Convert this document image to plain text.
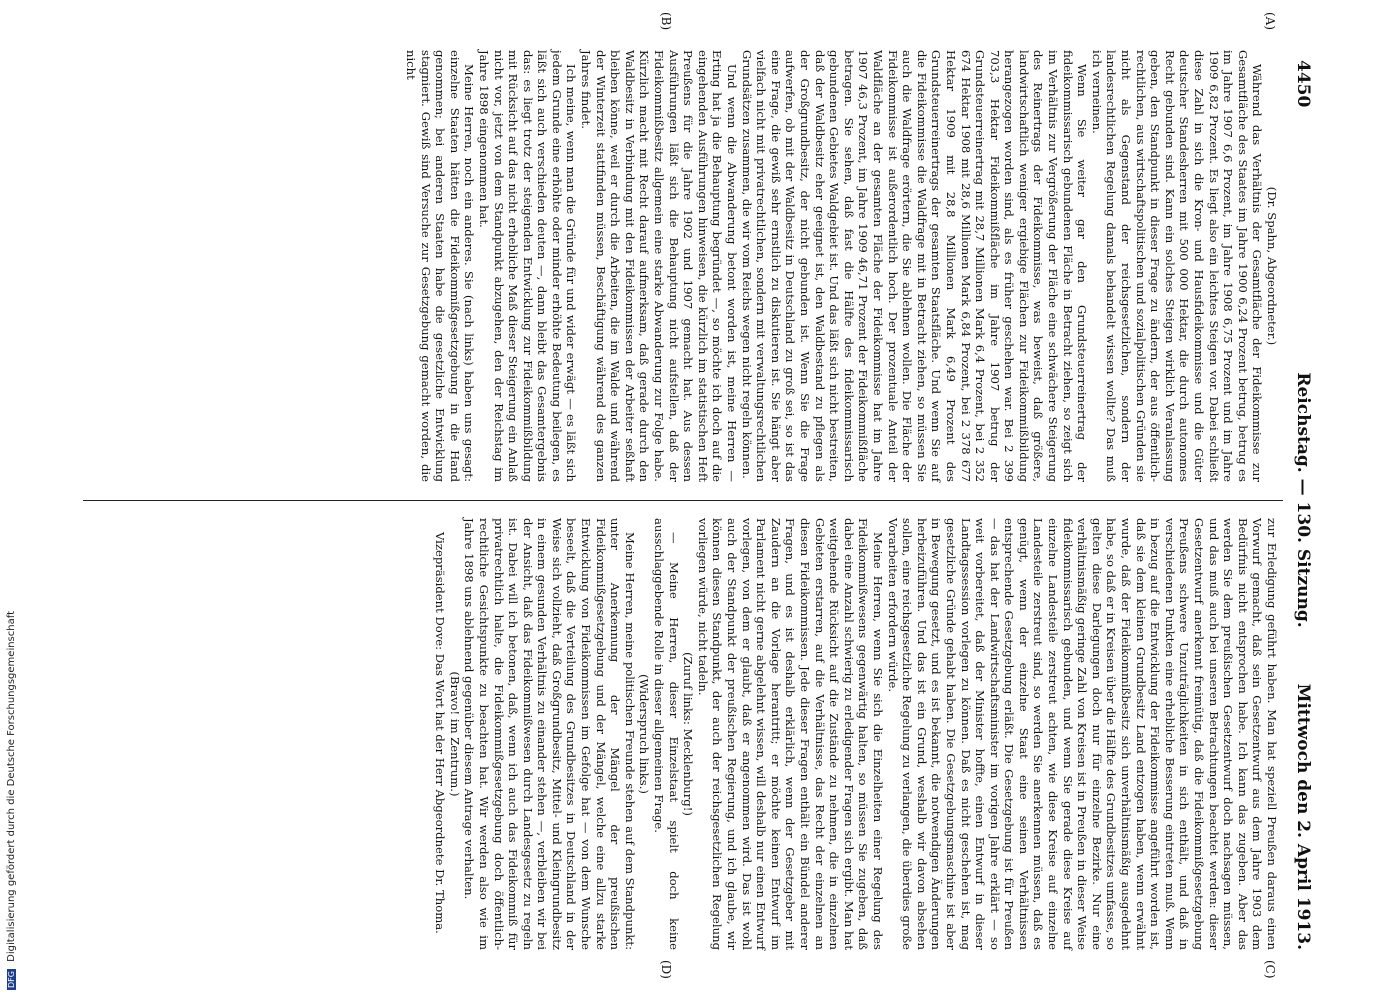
4450
Reichstag. — 130. Sitzung.
Mittwoch den 2. April 1913.
(A)
(B)
(C)
(D)

(Dr. Spahn, Abgeordneter.)

Während das Verhältnis der Gesamtfläche der Fideikommisse zur Gesamtfläche des Staates im Jahre 1900 6,24 Prozent betrug, betrug es im Jahre 1907 6,6 Prozent, im Jahre 1908 6,75 Prozent und im Jahre 1909 6,82 Prozent. Es liegt also ein leichtes Steigen vor. Dabei schließt diese Zahl in sich die Kron- und Hausfideikommisse und die Güter deutscher Standesherren mit 500 000 Hektar, die durch autonomes Recht gebunden sind. Kann ein solches Steigen wirklich Veranlassung geben, den Standpunkt in dieser Frage zu ändern, der aus öffentlich-rechtlichen, aus wirtschaftspolitischen und sozialpolitischen Gründen sie nicht als Gegenstand der reichsgesetzlichen, sondern der landesrechtlichen Regelung damals behandelt wissen wollte? Das muß ich verneinen.

Wenn Sie weiter gar den Grundsteuerreinertrag der fideikommissarisch gebundenen Fläche in Betracht ziehen, so zeigt sich im Verhältnis zur Vergrößerung der Fläche eine schwächere Steigerung des Reinertrags der Fideikommisse, was beweist, daß größere, landwirtschaftlich weniger ergiebige Flächen zur Fideikommißbildung herangezogen worden sind, als es früher geschehen war. Bei 2 399 703,3 Hektar Fideikommißfläche im Jahre 1907 betrug der Grundsteuerreinertrag mit 28,7 Millionen Mark 6,4 Prozent, bei 2 352 674 Hektar 1908 mit 28,6 Millionen Mark 6,84 Prozent, bei 2 378 677 Hektar 1909 mit 28,8 Millionen Mark 6,49 Prozent des Grundsteuerreinertrags der gesamten Staatsfläche. Und wenn Sie auf die Fideikommisse die Waldfrage mit in Betracht ziehen, so müssen Sie auch die Waldfrage erörtern, die Sie ablehnen wollen. Die Fläche der Fideikommisse ist außerordentlich hoch. Der prozentuale Anteil der Waldfläche an der gesamten Fläche der Fideikommisse hat im Jahre 1907 46,3 Prozent, im Jahre 1909 46,71 Prozent der Fideikommißfläche betragen. Sie sehen, daß fast die Hälfte des fideikommissarisch gebundenen Gebietes Waldgebiet ist. Und das läßt sich nicht bestreiten, daß der Waldbesitz eher geeignet ist, den Waldbestand zu pflegen als der Großgrundbesitz, der nicht gebunden ist. Wenn Sie die Frage aufwerfen, ob mit der Waldbesitz in Deutschland zu groß sei, so ist das eine Frage, die gewiß sehr ernstlich zu diskutieren ist. Sie hängt aber vielfach nicht mit privatrechtlichen, sondern mit verwaltungsrechtlichen Grundsätzen zusammen, die wir vom Reichs wegen nicht regeln können.

Und wenn die Abwanderung betont worden ist, meine Herren — Erting hat ja die Behauptung begründet —, so möchte ich doch auf die eingehenden Ausführungen hinweisen, die kürzlich im statistischen Heft Preußens für die Jahre 1902 und 1907 gemacht hat. Aus dessen Ausführungen läßt sich die Behauptung nicht aufstellen, daß der Fideikommißbesitz allgemein eine starke Abwanderung zur Folge habe. Kürzlich macht mit Recht darauf aufmerksam, daß gerade durch den Waldbesitz in Verbindung mit den Fideikommissen der Arbeiter seßhaft bleiben könne, weil er durch die Arbeiten, die im Walde und während der Winterzeit stattfinden müssen, Beschäftigung während des ganzen Jahres findet.

Ich meine, wenn man die Gründe für und wider erwägt — es läßt sich jedem Grunde eine erhöhte oder minder erhöhte Bedeutung beilegen, es läßt sich auch verschieden deuten —, dann bleibt das Gesamtergebnis das: es liegt trotz der steigenden Entwicklung zur Fideikommißbildung mit Rücksicht auf das nicht erhebliche Maß dieser Steigerung ein Anlaß nicht vor, jetzt von dem Standpunkt abzugehen, den der Reichstag im Jahre 1898 eingenommen hat.

Meine Herren, noch ein anderes. Sie (nach links) haben uns gesagt: einzelne Staaten hätten die Fideikommißgesetzgebung in die Hand genommen; bei anderen Staaten habe die gesetzliche Entwicklung stagniert. Gewiß sind Versuche zur Gesetzgebung gemacht worden, die nicht

zur Erledigung geführt haben. Man hat speziell Preußen daraus einen Vorwurf gemacht, daß sein Gesetzentwurf aus dem Jahre 1903 dem Bedürfnis nicht entsprochen habe. Ich kann das zugeben. Aber das werden Sie dem preußischen Gesetzentwurf doch nachsagen müssen, und das muß auch bei unseren Betrachtungen beachtet werden: dieser Gesetzentwurf anerkennt freimütig, daß die Fideikommißgesetzgebung Preußens schwere Unzuträglichkeiten in sich enthält, und daß in verschiedenen Punkten eine erhebliche Besserung eintreten muß. Wenn in bezug auf die Entwicklung der Fideikommisse angeführt worden ist, daß sie dem kleinen Grundbesitz Land entzogen haben, wenn erwähnt wurde, daß der Fideikommißbesitz sich unverhältnismäßig ausgedehnt habe, so daß er in Kreisen über die Hälfte des Grundbesitzes umfasse, so gelten diese Darlegungen doch nur für einzelne Bezirke. Nur eine verhältnismäßig geringe Zahl von Kreisen ist in Preußen in dieser Weise fideikommissarisch gebunden, und wenn Sie gerade diese Kreise auf einzelne Landesteile zerstreut achten, wie diese Kreise auf einzelne Landesteile zerstreut sind, so werden Sie anerkennen müssen, daß es genügt, wenn der einzelne Staat eine seinen Verhältnissen entsprechende Gesetzgebung erläßt. Die Gesetzgebung ist für Preußen — das hat der Landwirtschaftsminister im vorigen Jahre erklärt — so weit vorbereitet, daß der Minister hoffte, einen Entwurf in dieser Landtagssession vorlegen zu können. Daß es nicht geschehen ist, mag gesetzliche Gründe gehabt haben. Die Gesetzgebungsmaschine ist aber in Bewegung gesetzt, und es ist bekannt, die notwendigen Änderungen herbeizuführen. Und das ist ein Grund, weshalb wir davon absehen sollen, eine reichsgesetzliche Regelung zu verlangen, die überdies große Vorarbeiten erfordern würde.

Meine Herren, wenn Sie sich die Einzelheiten einer Regelung des Fideikommißwesens gegenwärtig halten, so müssen Sie zugeben, daß dabei eine Anzahl schwierig zu erledigender Fragen sich ergibt. Man hat weitgehende Rücksicht auf die Zustände zu nehmen, die in einzelnen Gebieten erstarren, auf die Verhältnisse, das Recht der einzelnen an diesen Fideikommissen. Jede dieser Fragen enthält ein Bündel anderer Fragen, und es ist deshalb erklärlich, wenn der Gesetzgeber mit Zaudern an die Vorlage herantritt; er möchte keinen Entwurf im Parlament nicht gerne abgelehnt wissen, will deshalb nur einen Entwurf vorlegen, von dem er glaubt, daß er angenommen wird. Das ist wohl auch der Standpunkt der preußischen Regierung, und ich glaube, wir können diesen Standpunkt, der auch der reichsgesetzlichen Regelung vorliegen würde, nicht tadeln.

(Zuruf links: Mecklenburg!)

— Meine Herren, dieser Einzelstaat spielt doch keine ausschlaggebende Rolle in dieser allgemeinen Frage.

(Widerspruch links.)

Meine Herren, meine politischen Freunde stehen auf dem Standpunkt: unter Anerkennung der Mängel der preußischen Fideikommißgesetzgebung und der Mängel, welche eine allzu starke Entwicklung von Fideikommissen im Gefolge hat — von dem Wunsche beseelt, daß die Verteilung des Grundbesitzes in Deutschland in der Weise sich vollzieht, daß Großgrundbesitz, Mittel- und Kleingrundbesitz in einem gesunden Verhältnis zu einander stehen —, verbleiben wir bei der Ansicht, daß das Fideikommißwesen durch Landesgesetz zu regeln ist. Dabei will ich betonen, daß, wenn ich auch das Fideikommiß für privatrechtlich halte, die Fideikommißgesetzgebung doch öffentlich-rechtliche Gesichtspunkte zu beachten hat. Wir werden also wie im Jahre 1898 uns ablehnend gegenüber diesem Antrage verhalten.

(Bravo! im Zentrum.)

Vizepräsident Dove: Das Wort hat der Herr Abgeordnete Dr. Thoma.

DFG Digitalisierung gefördert durch die Deutsche Forschungsgemeinschaft
